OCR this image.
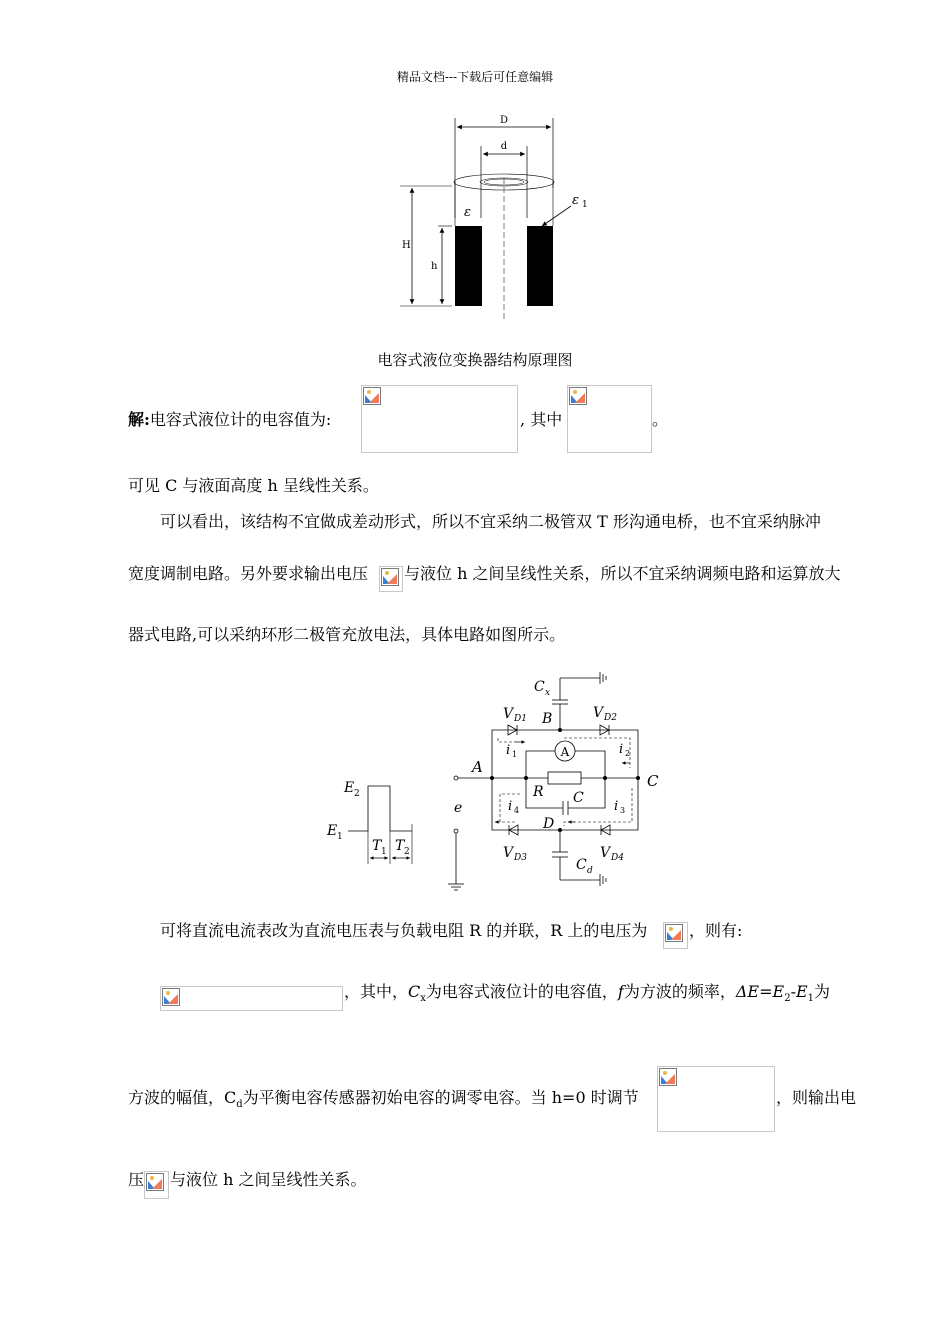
精品文档---下载后可任意编辑
D
d
H
h
ε
ε 1
电容式液位变换器结构原理图
解:电容式液位计的电容值为:	, 其中	。
可见 C 与液面高度 h 呈线性关系。
可以看出，该结构不宜做成差动形式，所以不宜采纳二极管双 T 形沟通电桥，也不宜采纳脉冲
宽度调制电路。另外要求输出电压 与液位 h 之间呈线性关系，所以不宜采纳调频电路和运算放大
器式电路,可以采纳环形二极管充放电法，具体电路如图所示。
C x
V D1 B	V D2
i 1	i 2
A
A
C
R C
D
i 4	i 3
C d
V D3	V D4
e
E 2
E 1
T 1 T 2
可将直流电流表改为直流电压表与负载电阻 R 的并联，R 上的电压为	，则有:
，其中，$C_x$为电容式液位计的电容值，f为方波的频率，$\Delta E=E_2-E_1$为
方波的幅值，$C_d$为平衡电容传感器初始电容的调零电容。当 h=0 时调节	，则输出电
压 与液位 h 之间呈线性关系。
